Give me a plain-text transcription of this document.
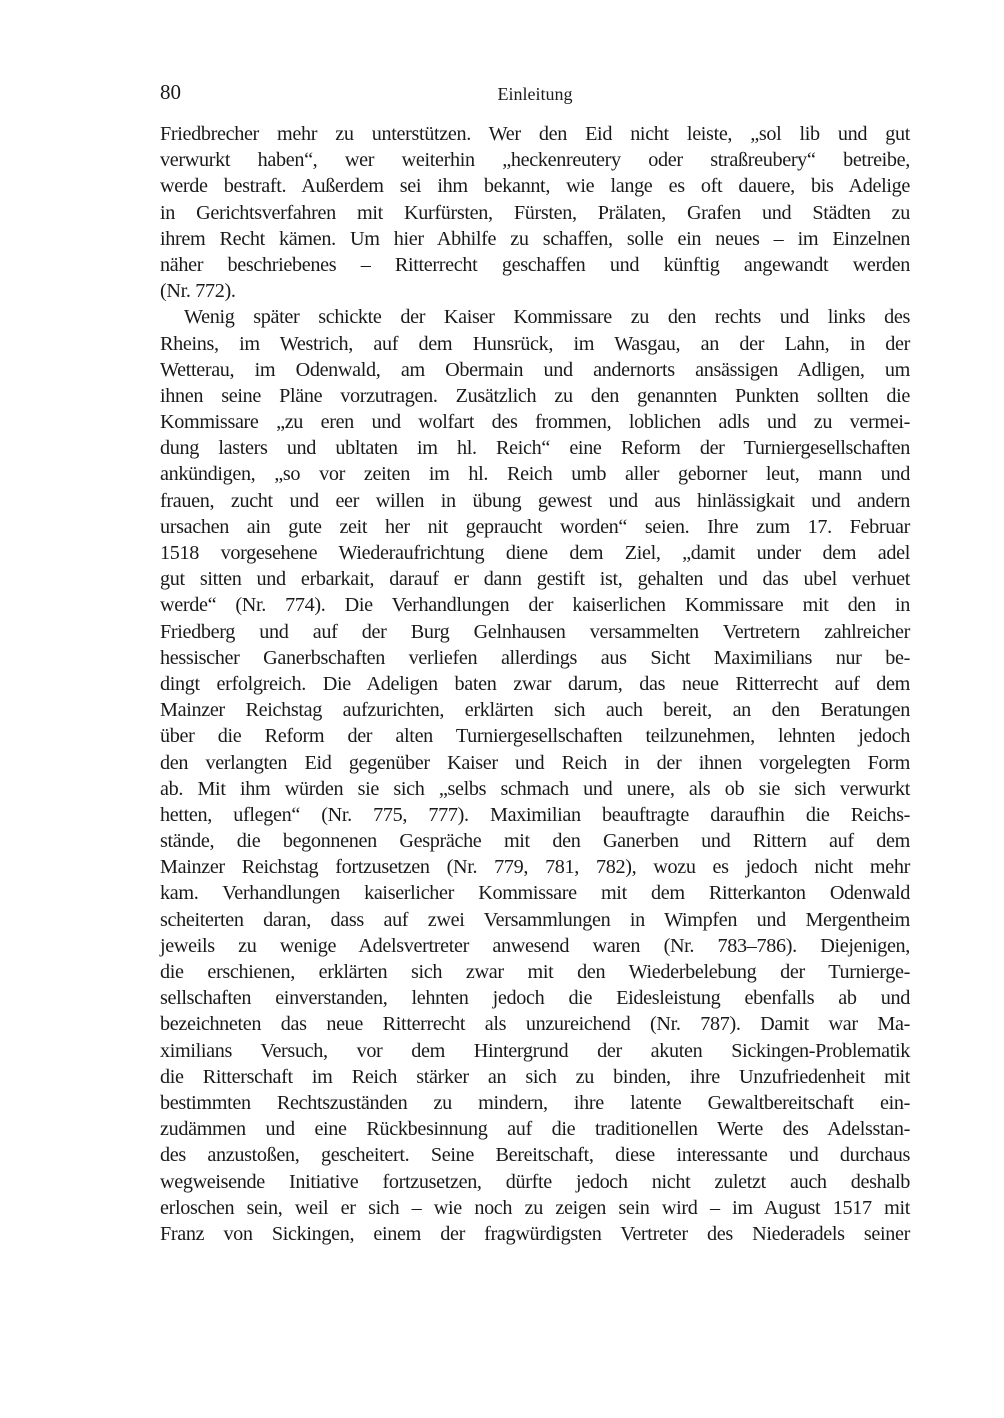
80	Einleitung
Friedbrecher mehr zu unterstützen. Wer den Eid nicht leiste, „sol lib und gut
verwurkt haben“, wer weiterhin „heckenreutery oder straßreubery“ betreibe,
werde bestraft. Außerdem sei ihm bekannt, wie lange es oft dauere, bis Adelige
in Gerichtsverfahren mit Kurfürsten, Fürsten, Prälaten, Grafen und Städten zu
ihrem Recht kämen. Um hier Abhilfe zu schaffen, solle ein neues – im Einzelnen
näher beschriebenes – Ritterrecht geschaffen und künftig angewandt werden
(Nr. 772).
Wenig später schickte der Kaiser Kommissare zu den rechts und links des
Rheins, im Westrich, auf dem Hunsrück, im Wasgau, an der Lahn, in der
Wetterau, im Odenwald, am Obermain und andernorts ansässigen Adligen, um
ihnen seine Pläne vorzutragen. Zusätzlich zu den genannten Punkten sollten die
Kommissare „zu eren und wolfart des frommen, loblichen adls und zu vermei-
dung lasters und ubltaten im hl. Reich“ eine Reform der Turniergesellschaften
ankündigen, „so vor zeiten im hl. Reich umb aller geborner leut, mann und
frauen, zucht und eer willen in übung gewest und aus hinlässigkait und andern
ursachen ain gute zeit her nit gepraucht worden“ seien. Ihre zum 17. Februar
1518 vorgesehene Wiederaufrichtung diene dem Ziel, „damit under dem adel
gut sitten und erbarkait, darauf er dann gestift ist, gehalten und das ubel verhuet
werde“ (Nr. 774). Die Verhandlungen der kaiserlichen Kommissare mit den in
Friedberg und auf der Burg Gelnhausen versammelten Vertretern zahlreicher
hessischer Ganerbschaften verliefen allerdings aus Sicht Maximilians nur be-
dingt erfolgreich. Die Adeligen baten zwar darum, das neue Ritterrecht auf dem
Mainzer Reichstag aufzurichten, erklärten sich auch bereit, an den Beratungen
über die Reform der alten Turniergesellschaften teilzunehmen, lehnten jedoch
den verlangten Eid gegenüber Kaiser und Reich in der ihnen vorgelegten Form
ab. Mit ihm würden sie sich „selbs schmach und unere, als ob sie sich verwurkt
hetten, uflegen“ (Nr. 775, 777). Maximilian beauftragte daraufhin die Reichs-
stände, die begonnenen Gespräche mit den Ganerben und Rittern auf dem
Mainzer Reichstag fortzusetzen (Nr. 779, 781, 782), wozu es jedoch nicht mehr
kam. Verhandlungen kaiserlicher Kommissare mit dem Ritterkanton Odenwald
scheiterten daran, dass auf zwei Versammlungen in Wimpfen und Mergentheim
jeweils zu wenige Adelsvertreter anwesend waren (Nr. 783–786). Diejenigen,
die erschienen, erklärten sich zwar mit den Wiederbelebung der Turnierge-
sellschaften einverstanden, lehnten jedoch die Eidesleistung ebenfalls ab und
bezeichneten das neue Ritterrecht als unzureichend (Nr. 787). Damit war Ma-
ximilians Versuch, vor dem Hintergrund der akuten Sickingen-Problematik
die Ritterschaft im Reich stärker an sich zu binden, ihre Unzufriedenheit mit
bestimmten Rechtszuständen zu mindern, ihre latente Gewaltbereitschaft ein-
zudämmen und eine Rückbesinnung auf die traditionellen Werte des Adelsstan-
des anzustoßen, gescheitert. Seine Bereitschaft, diese interessante und durchaus
wegweisende Initiative fortzusetzen, dürfte jedoch nicht zuletzt auch deshalb
erloschen sein, weil er sich – wie noch zu zeigen sein wird – im August 1517 mit
Franz von Sickingen, einem der fragwürdigsten Vertreter des Niederadels seiner
